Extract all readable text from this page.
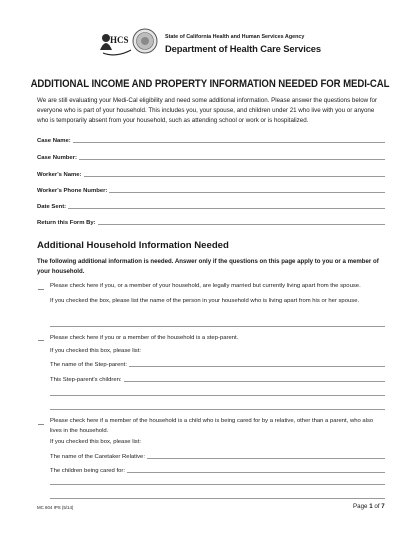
HCS	State of California Health and Human Services Agency
Department of Health Care Services
ADDITIONAL INCOME AND PROPERTY INFORMATION NEEDED FOR MEDI-CAL
We are still evaluating your Medi-Cal eligibility and need some additional information. Please answer the questions below for everyone who is part of your household. This includes you, your spouse, and children under 21 who live with you or anyone who is temporarily absent from your household, such as attending school or work or is hospitalized.
Case Name:
Case Number:
Worker's Name:
Worker's Phone Number:
Date Sent:
Return this Form By:
Additional Household Information Needed
The following additional information is needed. Answer only if the questions on this page apply to you or a member of your household.
Please check here if you, or a member of your household, are legally married but currently living apart from the spouse.
If you checked the box, please list the name of the person in your household who is living apart from his or her spouse.
Please check here if you or a member of the household is a step-parent.
If you checked this box, please list:
The name of the Step-parent:
This Step-parent's children:
Please check here if a member of the household is a child who is being cared for by a relative, other than a parent, who also lives in the household.
If you checked this box, please list:
The name of the Caretaker Relative:
The children being cared for:
MC 604 IPS (5/14)	Page 1 of 7
